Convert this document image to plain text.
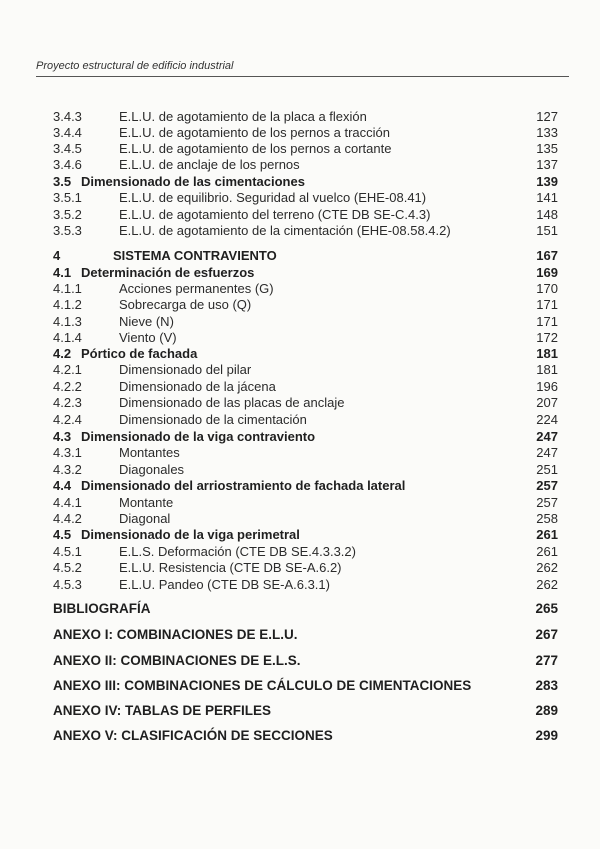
Proyecto estructural de edificio industrial
3.4.3	E.L.U. de agotamiento de la placa a flexión	127
3.4.4	E.L.U. de agotamiento de los pernos a tracción	133
3.4.5	E.L.U. de agotamiento de los pernos a cortante	135
3.4.6	E.L.U. de anclaje de los pernos	137
3.5 Dimensionado de las cimentaciones	139
3.5.1	E.L.U. de equilibrio. Seguridad al vuelco (EHE-08.41)	141
3.5.2	E.L.U. de agotamiento del terreno (CTE DB SE-C.4.3)	148
3.5.3	E.L.U. de agotamiento de la cimentación (EHE-08.58.4.2)	151
4	SISTEMA CONTRAVIENTO	167
4.1 Determinación de esfuerzos	169
4.1.1	Acciones permanentes (G)	170
4.1.2	Sobrecarga de uso (Q)	171
4.1.3	Nieve (N)	171
4.1.4	Viento (V)	172
4.2 Pórtico de fachada	181
4.2.1	Dimensionado del pilar	181
4.2.2	Dimensionado de la jácena	196
4.2.3	Dimensionado de las placas de anclaje	207
4.2.4	Dimensionado de la cimentación	224
4.3 Dimensionado de la viga contraviento	247
4.3.1	Montantes	247
4.3.2	Diagonales	251
4.4 Dimensionado del arriostramiento de fachada lateral	257
4.4.1	Montante	257
4.4.2	Diagonal	258
4.5 Dimensionado de la viga perimetral	261
4.5.1	E.L.S. Deformación (CTE DB SE.4.3.3.2)	261
4.5.2	E.L.U. Resistencia (CTE DB SE-A.6.2)	262
4.5.3	E.L.U. Pandeo (CTE DB SE-A.6.3.1)	262
BIBLIOGRAFÍA	265
ANEXO I: COMBINACIONES DE E.L.U.	267
ANEXO II: COMBINACIONES DE E.L.S.	277
ANEXO III: COMBINACIONES DE CÁLCULO DE CIMENTACIONES	283
ANEXO IV: TABLAS DE PERFILES	289
ANEXO V: CLASIFICACIÓN DE SECCIONES	299
